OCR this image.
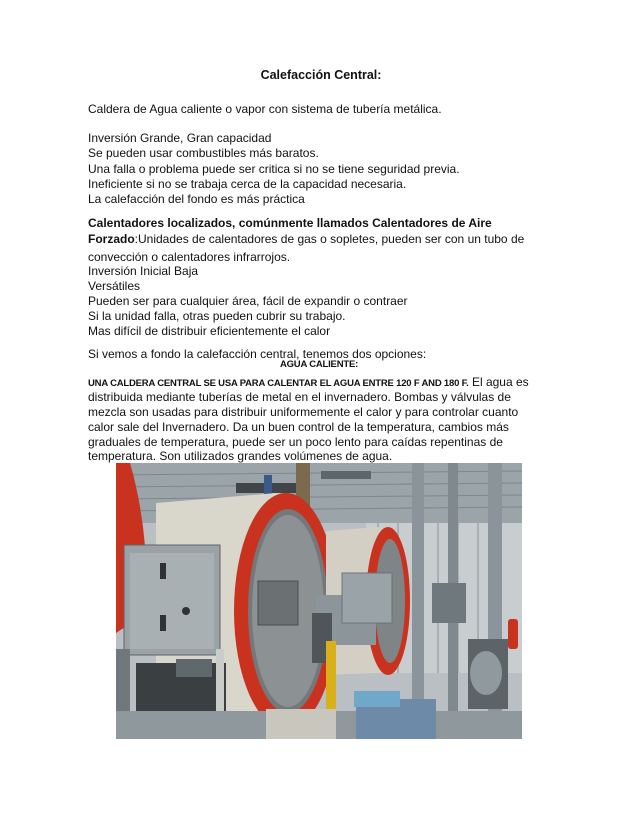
Calefacción Central:
Caldera de Agua caliente o vapor con sistema de tubería metálica.
Inversión Grande, Gran capacidad
Se pueden usar combustibles más baratos.
Una falla o problema puede ser critica si no se tiene seguridad previa.
Ineficiente si no se trabaja cerca de la capacidad necesaria.
La calefacción del fondo es más práctica
Calentadores localizados, comúnmente llamados Calentadores de Aire
Forzado:Unidades de calentadores de gas o sopletes, pueden ser con un tubo de
convección o calentadores infrarrojos.
Inversión Inicial Baja
Versátiles
Pueden ser para cualquier área, fácil de expandir o contraer
Si la unidad falla, otras pueden cubrir su trabajo.
Mas difícil de distribuir eficientemente el calor
Si vemos a fondo la calefacción central, tenemos dos opciones:
AGUA CALIENTE:
UNA CALDERA CENTRAL SE USA PARA CALENTAR EL AGUA ENTRE 120 F AND 180 F. El agua es
distribuida mediante tuberías de metal en el invernadero. Bombas y válvulas de
mezcla son usadas para distribuir uniformemente el calor y para controlar cuanto
calor sale del Invernadero. Da un buen control de la temperatura, cambios más
graduales de temperatura, puede ser un poco lento para caídas repentinas de
temperatura. Son utilizados grandes volúmenes de agua.
